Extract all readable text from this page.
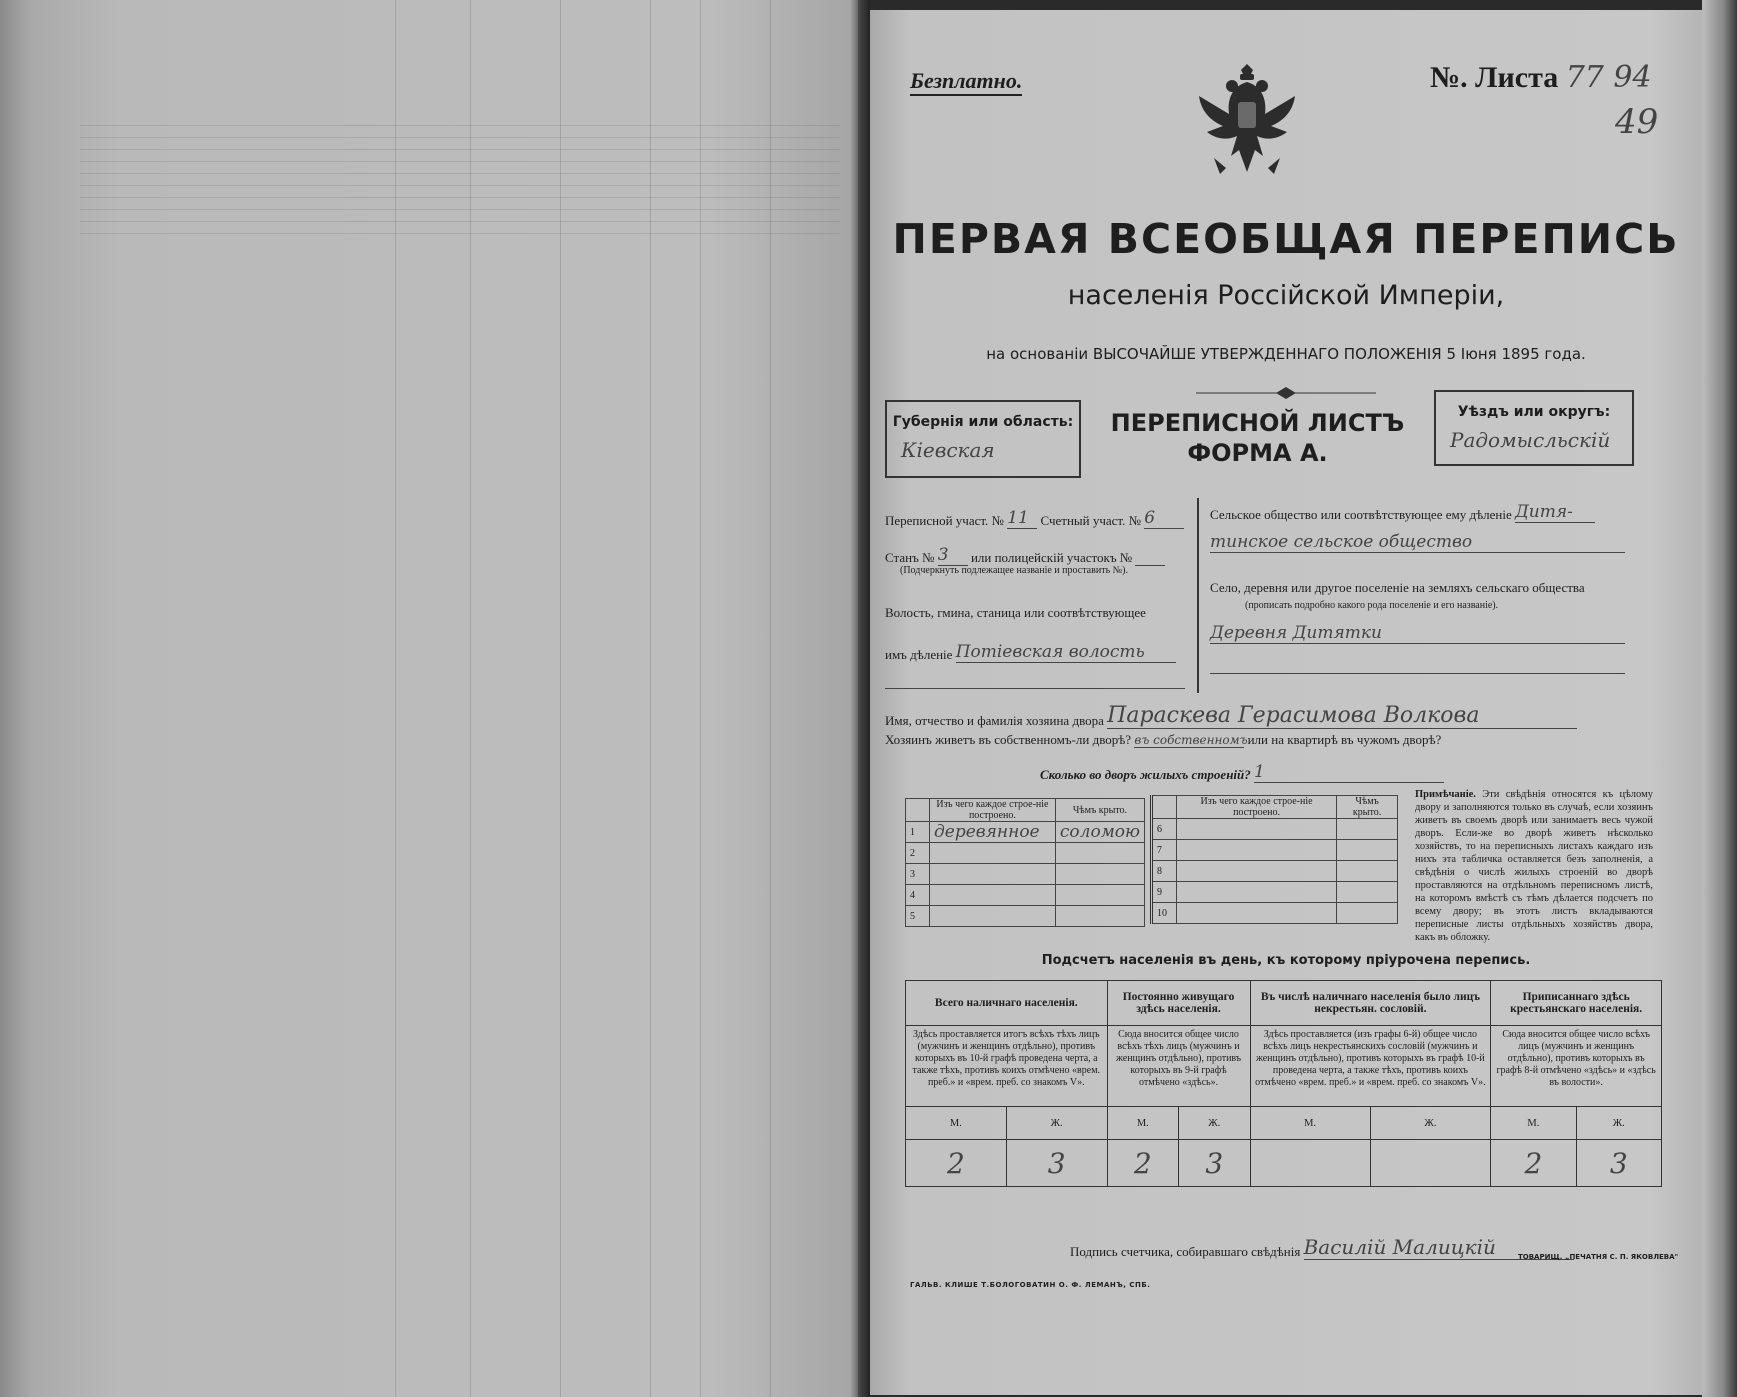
Безплатно.	№. Листа 77 94
49
ПЕРВАЯ ВСЕОБЩАЯ ПЕРЕПИСЬ
населенія Россійской Имперіи,
на основаніи ВЫСОЧАЙШЕ УТВЕРЖДЕННАГО ПОЛОЖЕНІЯ 5 Іюня 1895 года.
Губернія или область:
Кіевская
ПЕРЕПИСНОЙ ЛИСТЪ
ФОРМА А.
Уѣздъ или округъ:
Радомысльскій
Переписной участ. № 11 Счетный участ. № 6
Станъ № 3 или полицейскій участокъ №
(Подчеркнуть подлежащее названіе и проставить №).
Волость, гмина, станица или соотвѣтствующее
имъ дѣленіе Потіевская волость
Сельское общество или соотвѣтствующее ему дѣленіе Дитя-
тинское сельское общество
Село, деревня или другое поселеніе на земляхъ сельскаго общества
(прописать подробно какого рода поселеніе и его названіе).
Деревня Дитятки
Имя, отчество и фамилія хозяина двора Параскева Герасимова Волкова
Хозяинъ живетъ въ собственномъ-ли дворѣ? въ собственномъ или на квартирѣ въ чужомъ дворѣ?
Сколько во дворъ жилыхъ строеній? 1
	Изъ чего каждое строе-ніе построено.	Чѣмъ крыто.
1	деревянное	соломою
2		
3		
4		
5		
	Изъ чего каждое строе-ніе построено.	Чѣмъ крыто.
6		
7		
8		
9		
10		
Примѣчаніе. Эти свѣдѣнія относятся къ цѣлому двору и заполняются только въ случаѣ, если хозяинъ живетъ въ своемъ дворѣ или занимаетъ весь чужой дворъ. Если-же во дворѣ живетъ нѣсколько хозяйствъ, то на переписныхъ листахъ каждаго изъ нихъ эта табличка оставляется безъ заполненія, а свѣдѣнія о числѣ жилыхъ строеній во дворѣ проставляются на отдѣльномъ переписномъ листѣ, на которомъ вмѣстѣ съ тѣмъ дѣлается подсчетъ по всему двору; въ этотъ листъ вкладываются переписные листы отдѣльныхъ хозяйствъ двора, какъ въ обложку.
Подсчетъ населенія въ день, къ которому пріурочена перепись.
Всего наличнаго населенія.		Постоянно живущаго здѣсь населенія.		Въ числѣ наличнаго населенія было лицъ некрестьян. сословій.		Приписаннаго здѣсь крестьянскаго населенія.	
Здѣсь проставляется итогъ всѣхъ тѣхъ лицъ (мужчинъ и женщинъ отдѣльно), противъ которыхъ въ 10-й графѣ проведена черта, а также тѣхъ, противъ коихъ отмѣчено «врем. преб.» и «врем. преб. со знакомъ V».		Сюда вносится общее число всѣхъ тѣхъ лицъ (мужчинъ и женщинъ отдѣльно), противъ которыхъ въ 9-й графѣ отмѣчено «здѣсь».		Здѣсь проставляется (изъ графы 6-й) общее число всѣхъ лицъ некрестьянскихъ сословій (мужчинъ и женщинъ отдѣльно), противъ которыхъ въ графѣ 10-й проведена черта, а также тѣхъ, противъ коихъ отмѣчено «врем. преб.» и «врем. преб. со знакомъ V».		Сюда вносится общее число всѣхъ лицъ (мужчинъ и женщинъ отдѣльно), противъ которыхъ въ графѣ 8-й отмѣчено «здѣсь» и «здѣсь въ волости».	
М.	Ж.	М.	Ж.	М.	Ж.	М.	Ж.
2	3	2	3			2	3
Подпись счетчика, собиравшаго свѣдѣнія Василій Малицкій	ТОВАРИЩ. „ПЕЧАТНЯ С. П. ЯКОВЛЕВА"
ГАЛЬВ. КЛИШЕ Т.БОЛОГОВАТИН О. Ф. ЛЕМАНЪ, СПБ.
